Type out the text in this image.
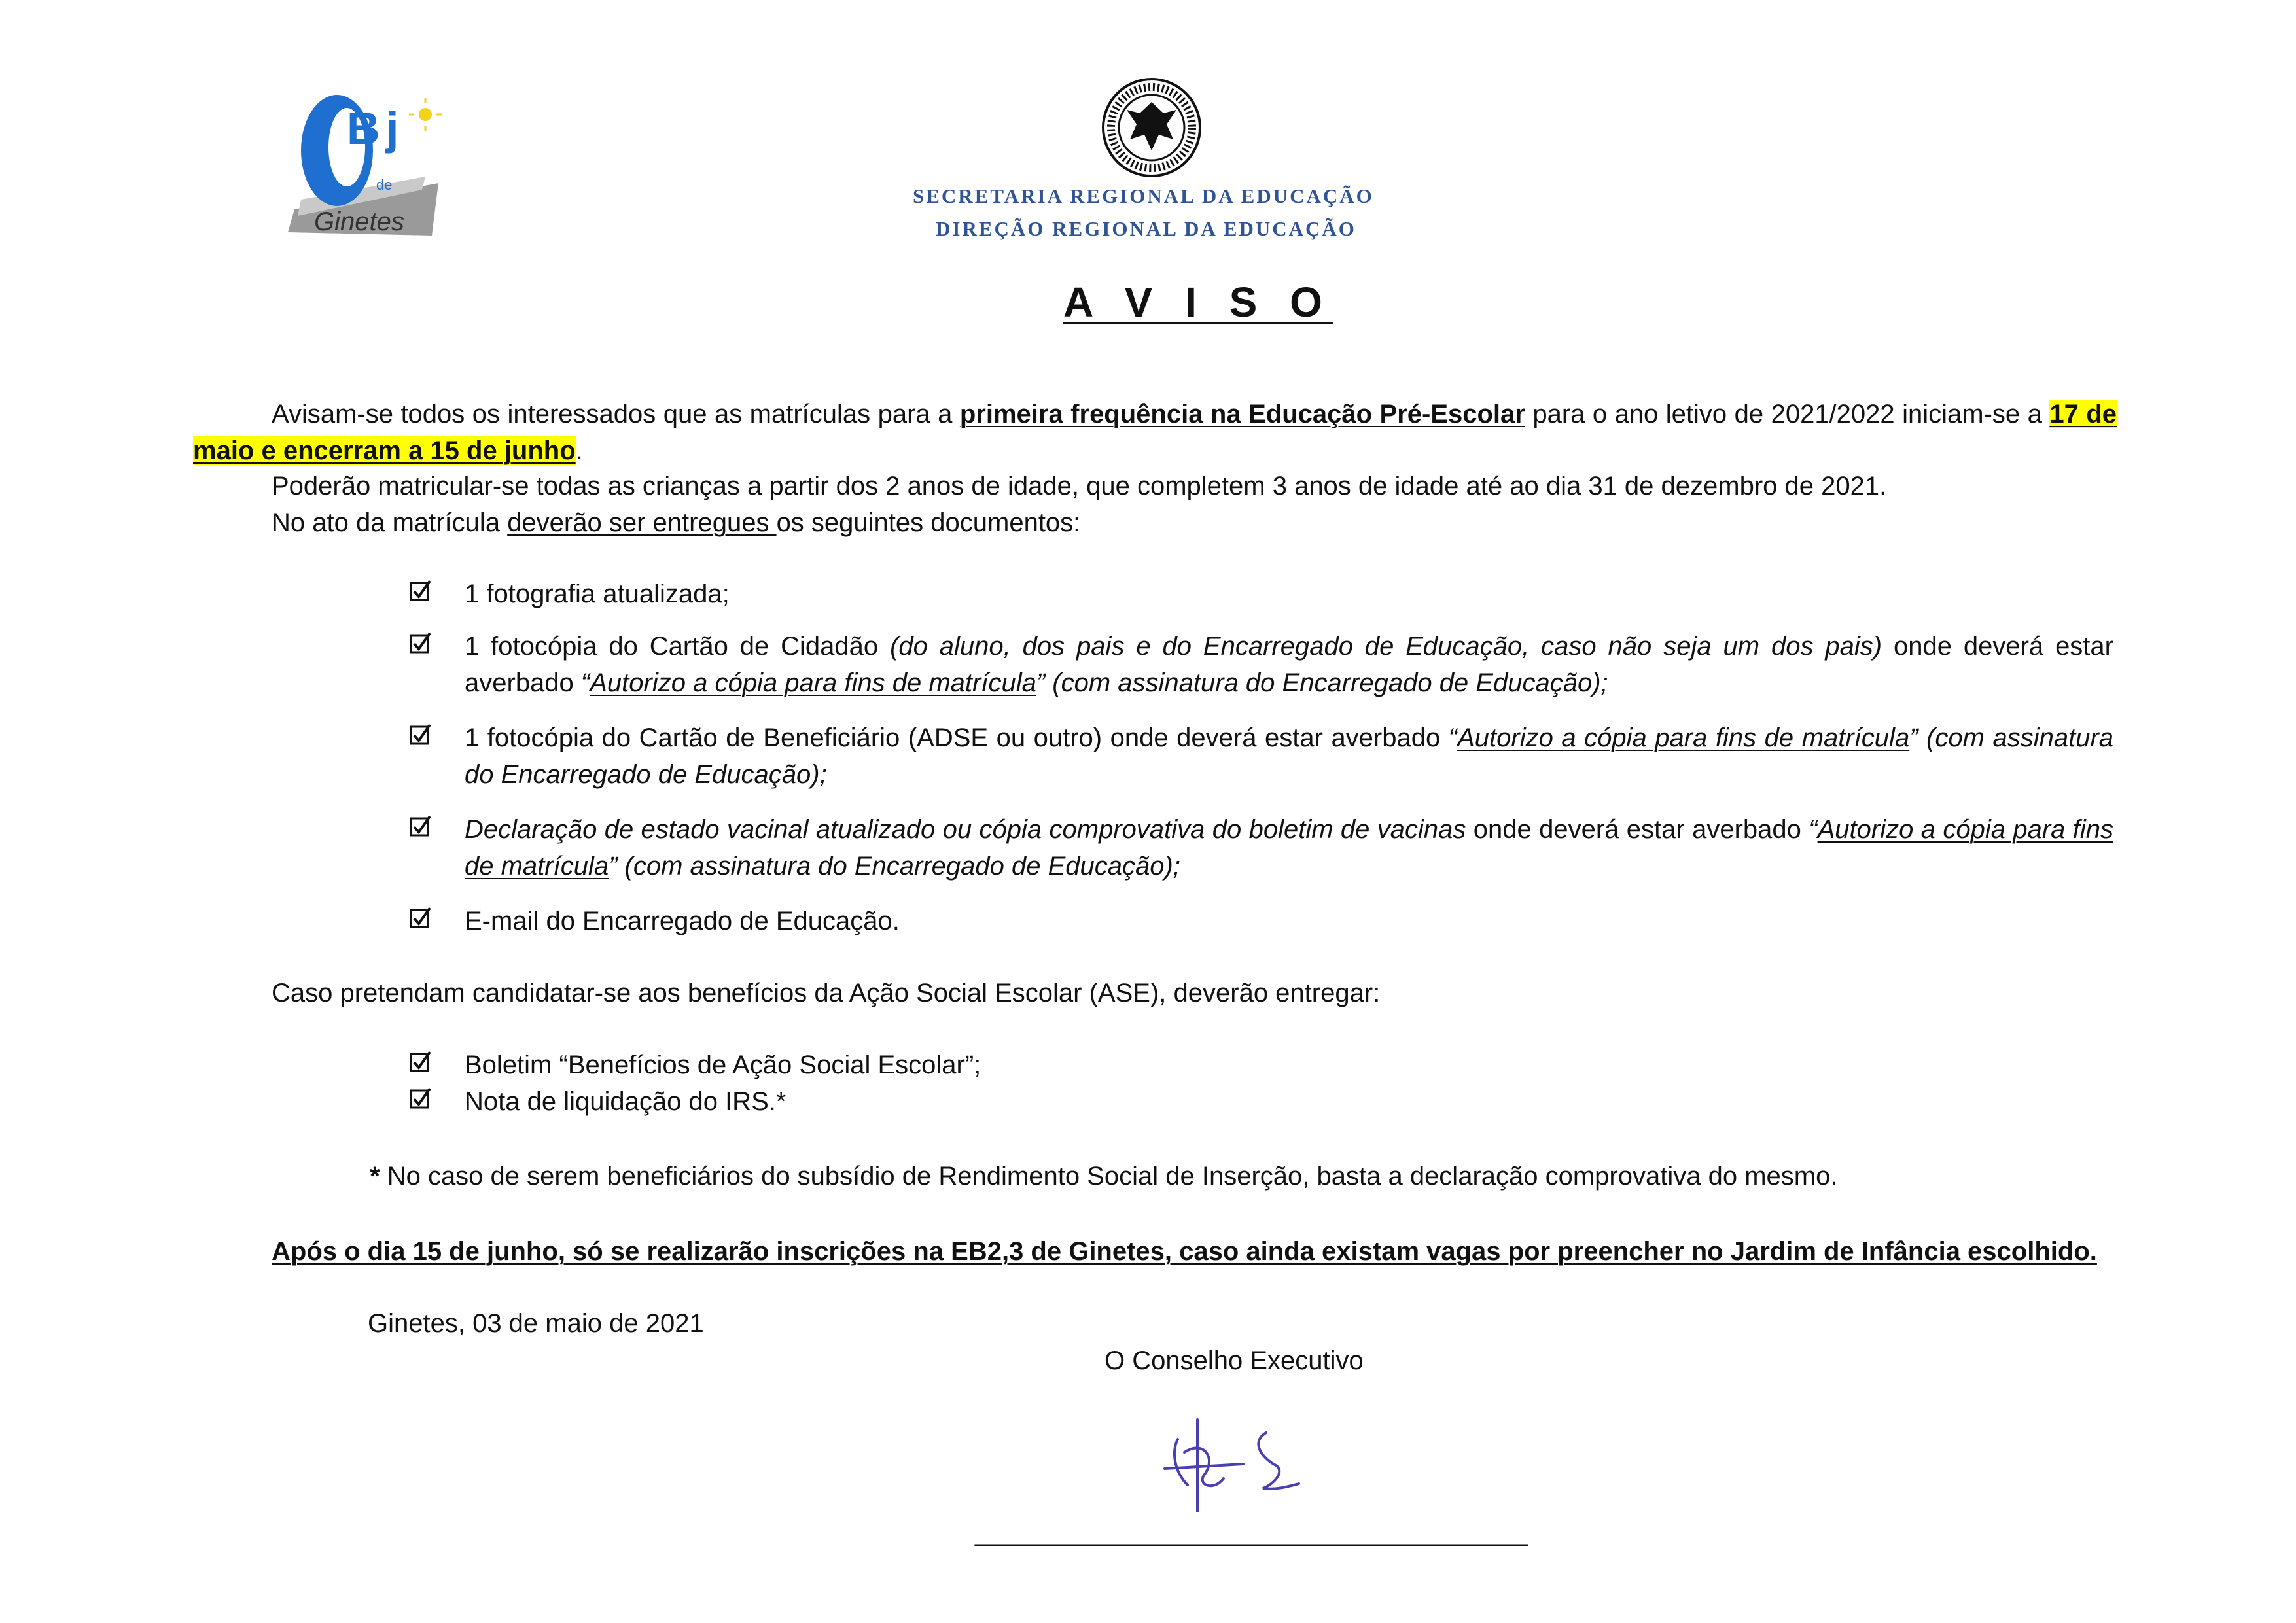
B j
de
Ginetes
SECRETARIA REGIONAL DA EDUCAÇÃO
DIREÇÃO REGIONAL DA EDUCAÇÃO
A V I S O
Avisam-se todos os interessados que as matrículas para a primeira frequência na Educação Pré-Escolar para o ano letivo de 2021/2022 iniciam-se a 17 de maio e encerram a 15 de junho.
Poderão matricular-se todas as crianças a partir dos 2 anos de idade, que completem 3 anos de idade até ao dia 31 de dezembro de 2021.
No ato da matrícula deverão ser entregues os seguintes documentos:
1 fotografia atualizada;
1 fotocópia do Cartão de Cidadão (do aluno, dos pais e do Encarregado de Educação, caso não seja um dos pais) onde deverá estar averbado “Autorizo a cópia para fins de matrícula” (com assinatura do Encarregado de Educação);
1 fotocópia do Cartão de Beneficiário (ADSE ou outro) onde deverá estar averbado “Autorizo a cópia para fins de matrícula” (com assinatura do Encarregado de Educação);
Declaração de estado vacinal atualizado ou cópia comprovativa do boletim de vacinas onde deverá estar averbado “Autorizo a cópia para fins de matrícula” (com assinatura do Encarregado de Educação);
E-mail do Encarregado de Educação.
Caso pretendam candidatar-se aos benefícios da Ação Social Escolar (ASE), deverão entregar:
Boletim “Benefícios de Ação Social Escolar”;
Nota de liquidação do IRS.*
* No caso de serem beneficiários do subsídio de Rendimento Social de Inserção, basta a declaração comprovativa do mesmo.
Após o dia 15 de junho, só se realizarão inscrições na EB2,3 de Ginetes, caso ainda existam vagas por preencher no Jardim de Infância escolhido.
Ginetes, 03 de maio de 2021
O Conselho Executivo
______________________________________
